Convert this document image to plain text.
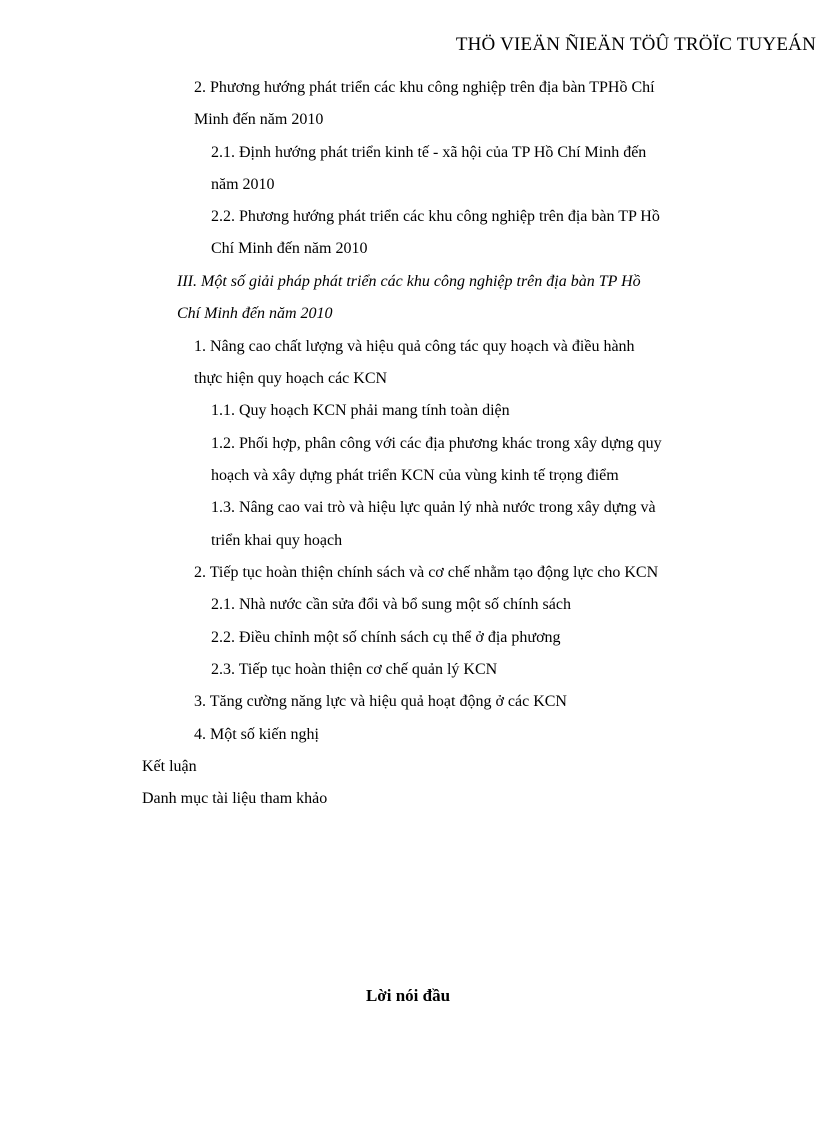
THÖ VIEÄN ÑIEÄN TÖÛ TRÖÏC TUYEÁN
2. Phương hướng phát triển các khu công nghiệp trên địa bàn TPHồ Chí
Minh đến năm 2010
2.1. Định hướng phát triển kinh tế - xã hội của TP Hồ Chí Minh đến
năm 2010
2.2. Phương hướng phát triển các khu công nghiệp trên địa bàn TP Hồ
Chí Minh đến năm 2010
III. Một số giải pháp phát triển các khu công nghiệp trên địa bàn TP Hồ
Chí Minh đến năm 2010
1. Nâng cao chất lượng và hiệu quả công tác quy hoạch và điều hành
thực hiện quy hoạch các KCN
1.1. Quy hoạch KCN phải mang tính toàn diện
1.2. Phối hợp, phân công với các địa phương khác trong xây dựng quy
hoạch và xây dựng phát triển KCN của vùng kinh tế trọng điểm
1.3. Nâng cao vai trò và hiệu lực quản lý nhà nước trong xây dựng và
triển khai quy hoạch
2. Tiếp tục hoàn thiện chính sách và cơ chế nhằm tạo động lực cho KCN
2.1. Nhà nước cần sửa đổi và bổ sung một số chính sách
2.2. Điều chỉnh một số chính sách cụ thể ở địa phương
2.3. Tiếp tục hoàn thiện cơ chế quản lý KCN
3. Tăng cường năng lực và hiệu quả hoạt động ở các KCN
4. Một số kiến nghị
Kết luận
Danh mục tài liệu tham khảo
Lời nói đầu
